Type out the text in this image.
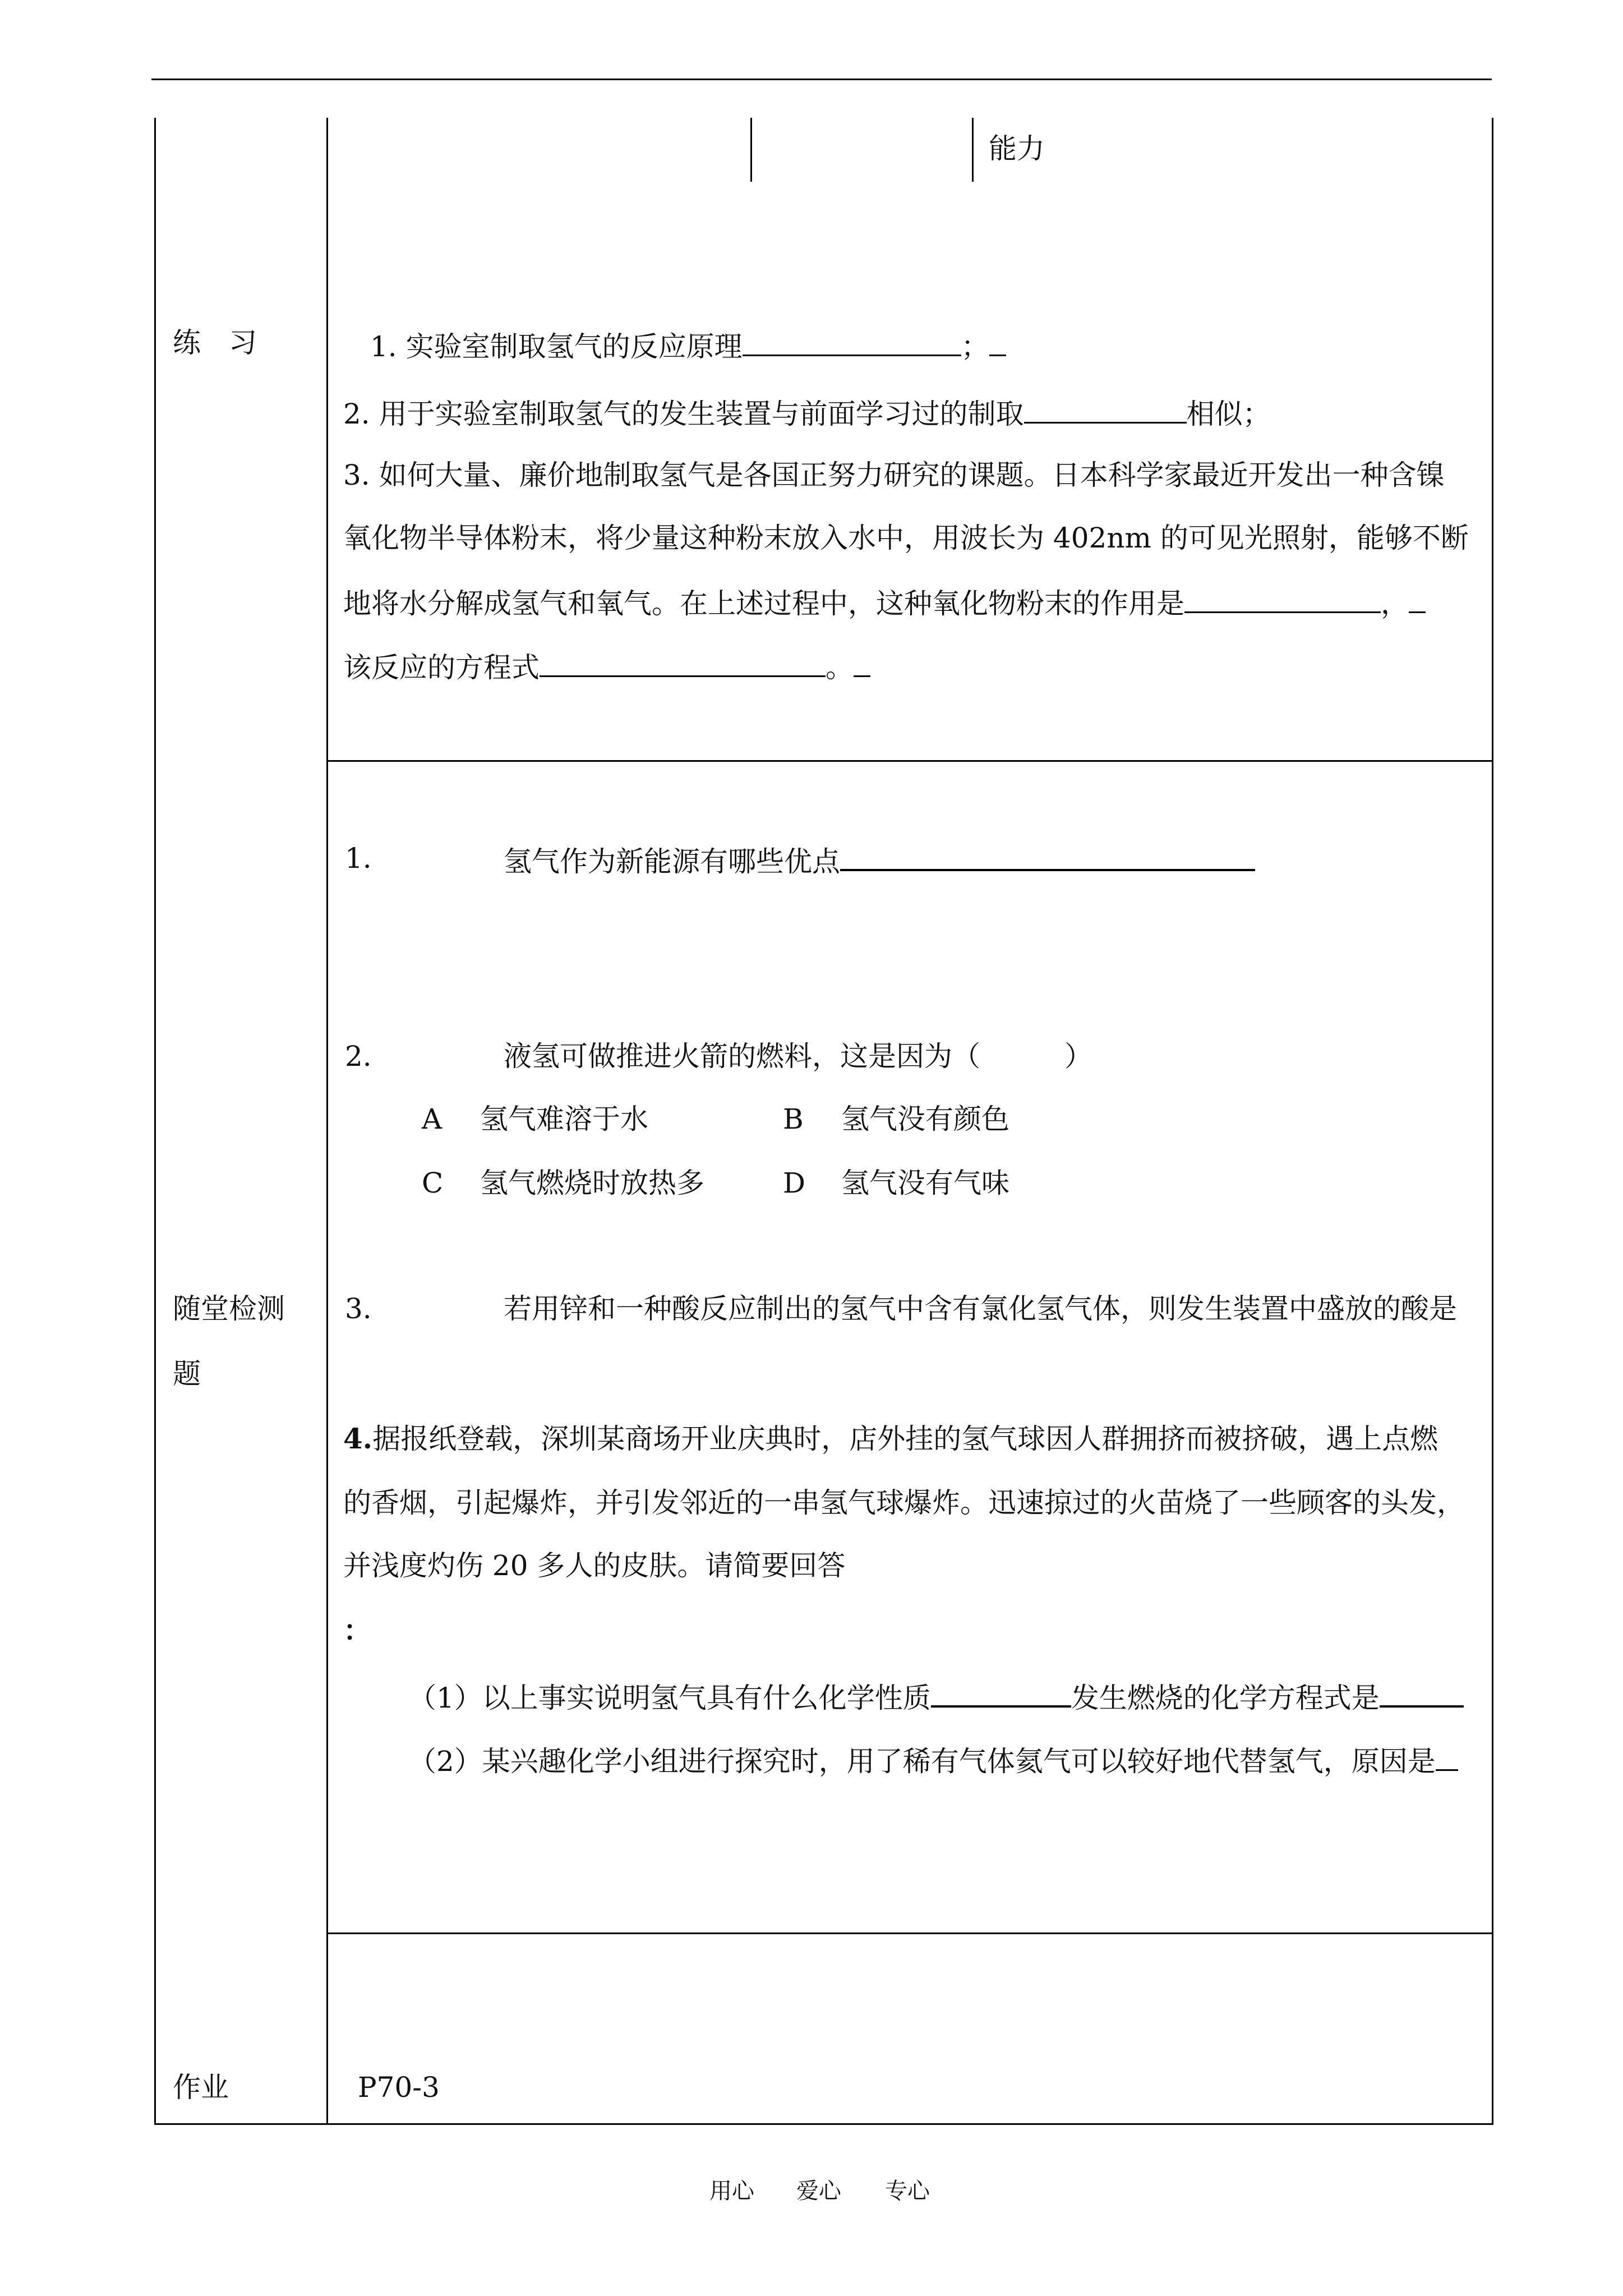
能力
练　习	1. 实验室制取氢气的反应原理	；
2. 用于实验室制取氢气的发生装置与前面学习过的制取	相似；
3. 如何大量、廉价地制取氢气是各国正努力研究的课题。日本科学家最近开发出一种含镍
氧化物半导体粉末，将少量这种粉末放入水中，用波长为 402nm 的可见光照射，能够不断
地将水分解成氢气和氧气。在上述过程中，这种氧化物粉末的作用是	，
该反应的方程式	。
随堂检测
题
1.	氢气作为新能源有哪些优点
2.	液氢可做推进火箭的燃料，这是因为（　　　）
A 氢气难溶于水	B 氢气没有颜色
C 氢气燃烧时放热多	D 氢气没有气味
3.	若用锌和一种酸反应制出的氢气中含有氯化氢气体，则发生装置中盛放的酸是
4.据报纸登载，深圳某商场开业庆典时，店外挂的氢气球因人群拥挤而被挤破，遇上点燃
的香烟，引起爆炸，并引发邻近的一串氢气球爆炸。迅速掠过的火苗烧了一些顾客的头发，
并浅度灼伤 20 多人的皮肤。请简要回答
：
（1）以上事实说明氢气具有什么化学性质	发生燃烧的化学方程式是
（2）某兴趣化学小组进行探究时，用了稀有气体氦气可以较好地代替氢气，原因是
作业	P70-3
用心 爱心 专心
